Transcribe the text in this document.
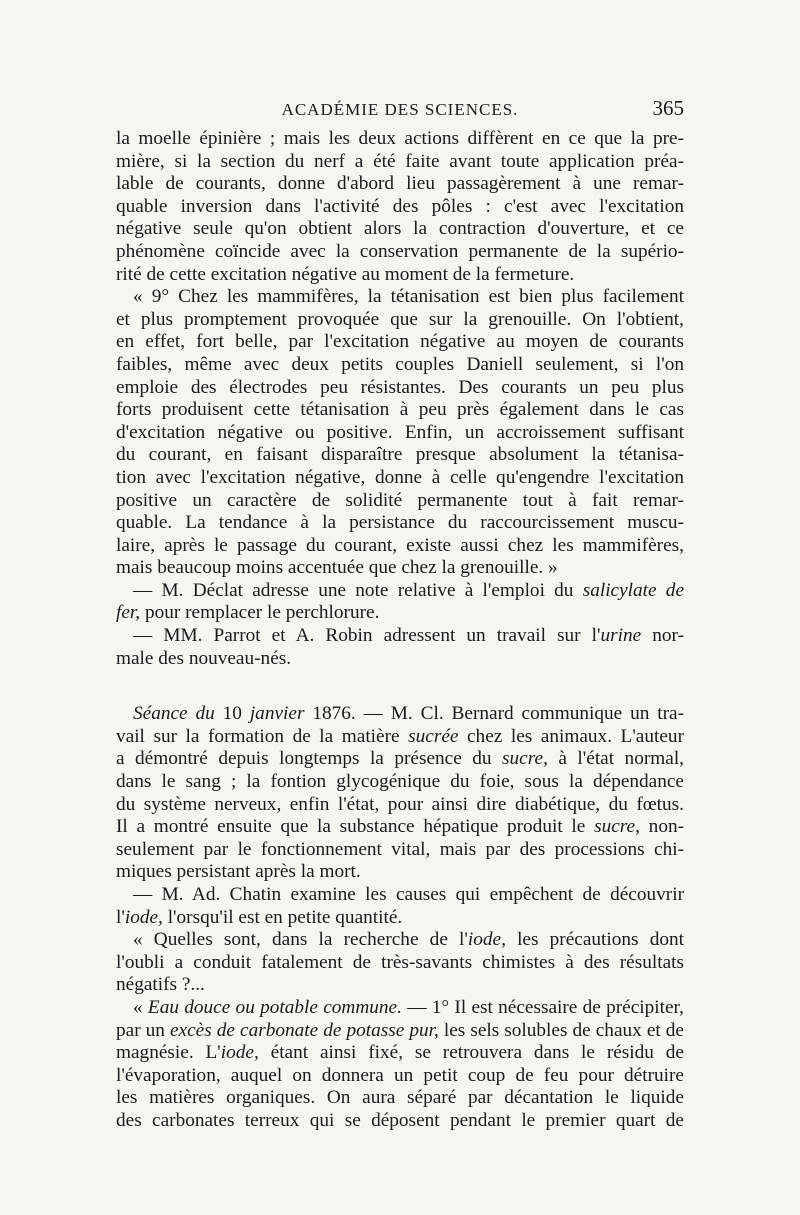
ACADÉMIE DES SCIENCES.	365

la moelle épinière ; mais les deux actions diffèrent en ce que la pre-

mière, si la section du nerf a été faite avant toute application préa-

lable de courants, donne d'abord lieu passagèrement à une remar-

quable inversion dans l'activité des pôles : c'est avec l'excitation

négative seule qu'on obtient alors la contraction d'ouverture, et ce

phénomène coïncide avec la conservation permanente de la supério-

rité de cette excitation négative au moment de la fermeture.

« 9° Chez les mammifères, la tétanisation est bien plus facilement

et plus promptement provoquée que sur la grenouille. On l'obtient,

en effet, fort belle, par l'excitation négative au moyen de courants

faibles, même avec deux petits couples Daniell seulement, si l'on

emploie des électrodes peu résistantes. Des courants un peu plus

forts produisent cette tétanisation à peu près également dans le cas

d'excitation négative ou positive. Enfin, un accroissement suffisant

du courant, en faisant disparaître presque absolument la tétanisa-

tion avec l'excitation négative, donne à celle qu'engendre l'excitation

positive un caractère de solidité permanente tout à fait remar-

quable. La tendance à la persistance du raccourcissement muscu-

laire, après le passage du courant, existe aussi chez les mammifères,

mais beaucoup moins accentuée que chez la grenouille. »

— M. Déclat adresse une note relative à l'emploi du salicylate de

fer, pour remplacer le perchlorure.

— MM. Parrot et A. Robin adressent un travail sur l'urine nor-

male des nouveau-nés.

Séance du 10 janvier 1876. — M. Cl. Bernard communique un tra-

vail sur la formation de la matière sucrée chez les animaux. L'auteur

a démontré depuis longtemps la présence du sucre, à l'état normal,

dans le sang ; la fontion glycogénique du foie, sous la dépendance

du système nerveux, enfin l'état, pour ainsi dire diabétique, du fœtus.

Il a montré ensuite que la substance hépatique produit le sucre, non-

seulement par le fonctionnement vital, mais par des processions chi-

miques persistant après la mort.

— M. Ad. Chatin examine les causes qui empêchent de découvrir

l'iode, l'orsqu'il est en petite quantité.

« Quelles sont, dans la recherche de l'iode, les précautions dont

l'oubli a conduit fatalement de très-savants chimistes à des résultats

négatifs ?...

« Eau douce ou potable commune. — 1° Il est nécessaire de précipiter,

par un excès de carbonate de potasse pur, les sels solubles de chaux et de

magnésie. L'iode, étant ainsi fixé, se retrouvera dans le résidu de

l'évaporation, auquel on donnera un petit coup de feu pour détruire

les matières organiques. On aura séparé par décantation le liquide

des carbonates terreux qui se déposent pendant le premier quart de
